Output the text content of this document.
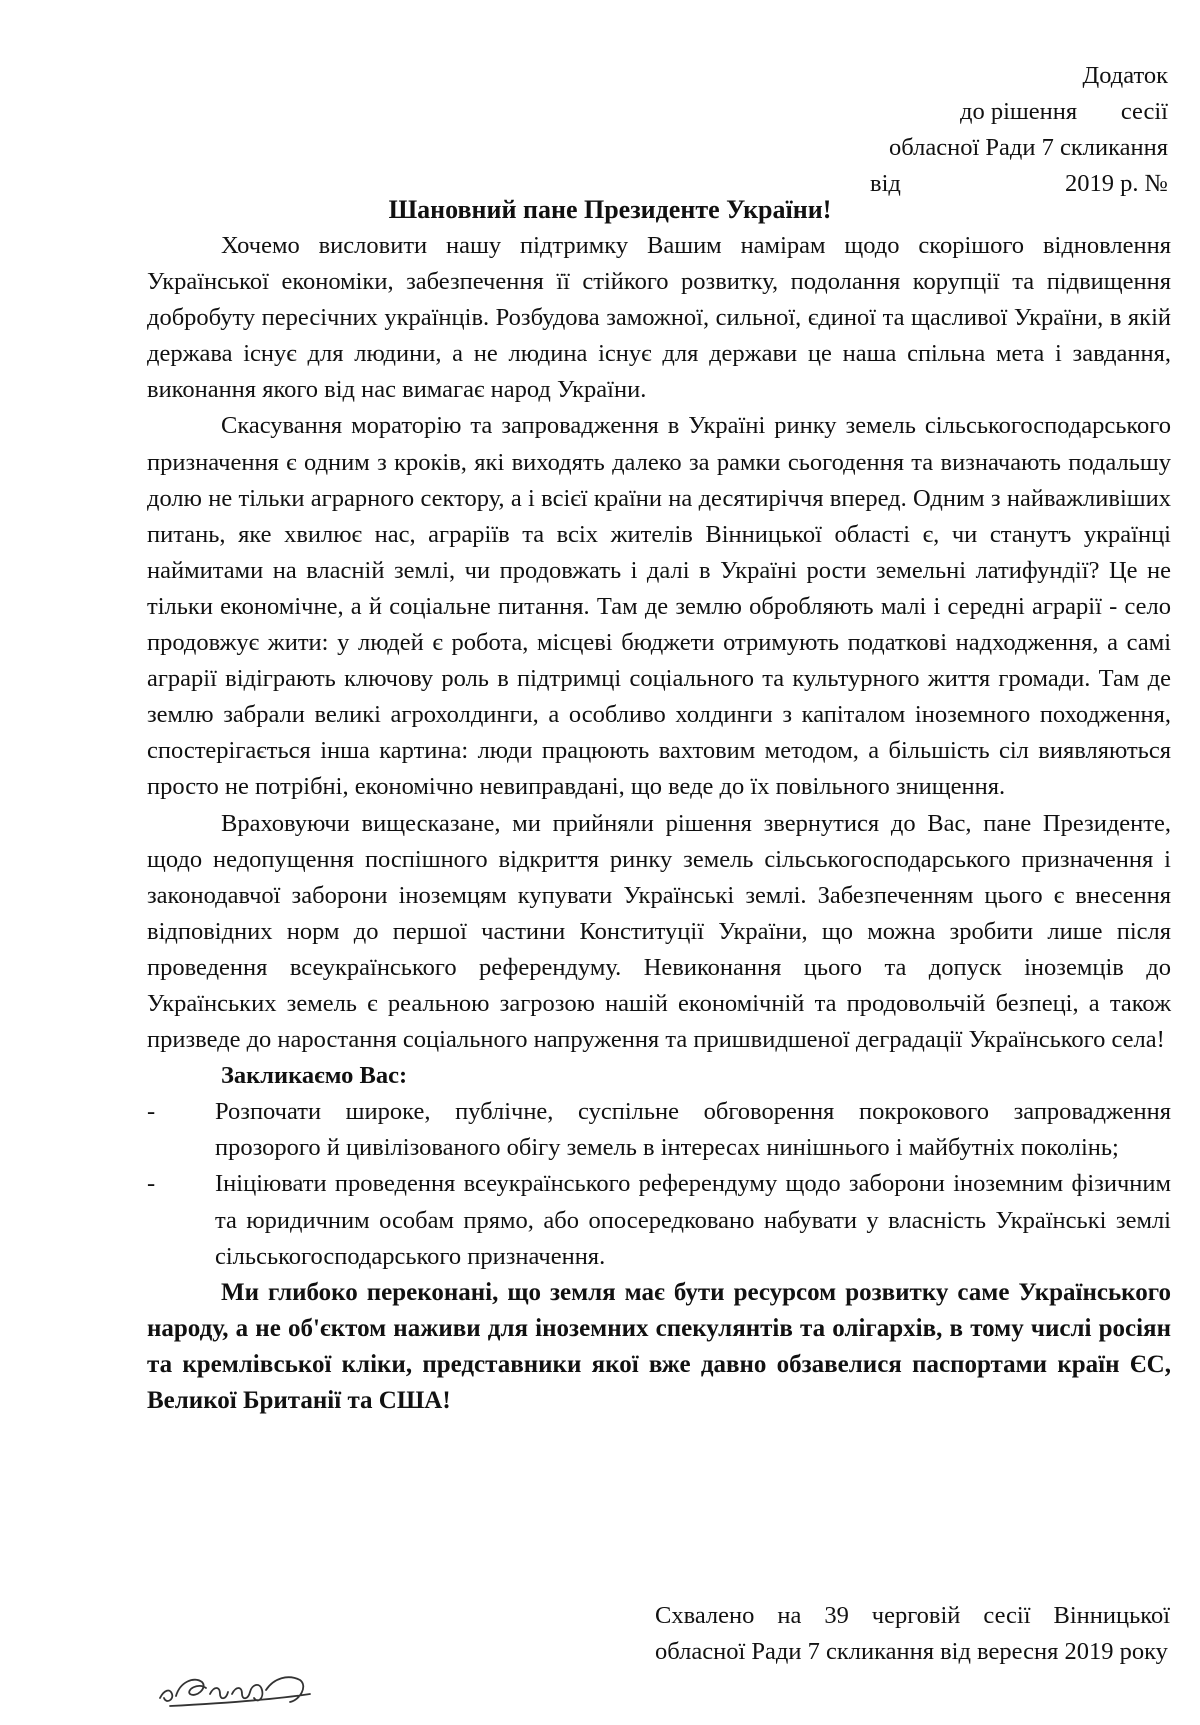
Додаток
до рішення сесії
обласної Ради 7 скликання
від	2019 р. №
Шановний пане Президенте України!

Хочемо висловити нашу підтримку Вашим намірам щодо скорішого відновлення Української економіки, забезпечення її стійкого розвитку, подолання корупції та підвищення добробуту пересічних українців. Розбудова заможної, сильної, єдиної та щасливої України, в якій держава існує для людини, а не людина існує для держави це наша спільна мета і завдання, виконання якого від нас вимагає народ України.

Скасування мораторію та запровадження в Україні ринку земель сільськогосподарського призначення є одним з кроків, які виходять далеко за рамки сьогодення та визначають подальшу долю не тільки аграрного сектору, а і всієї країни на десятиріччя вперед. Одним з найважливіших питань, яке хвилює нас, аграріїв та всіх жителів Вінницької області є, чи станутъ українці наймитами на власній землі, чи продовжать і далі в Україні рости земельні латифундії? Це не тільки економічне, а й соціальне питання. Там де землю обробляють малі і середні аграрії - село продовжує жити: у людей є робота, місцеві бюджети отримують податкові надходження, а самі аграрії відіграють ключову роль в підтримці соціального та культурного життя громади. Там де землю забрали великі агрохолдинги, а особливо холдинги з капіталом іноземного походження, спостерігається інша картина: люди працюють вахтовим методом, а більшість сіл виявляються просто не потрібні, економічно невиправдані, що веде до їх повільного знищення.

Враховуючи вищесказане, ми прийняли рішення звернутися до Вас, пане Президенте, щодо недопущення поспішного відкриття ринку земель сільськогосподарського призначення і законодавчої заборони іноземцям купувати Українські землі. Забезпеченням цього є внесення відповідних норм до першої частини Конституції України, що можна зробити лише після проведення всеукраїнського референдуму. Невиконання цього та допуск іноземців до Українських земель є реальною загрозою нашій економічній та продовольчій безпеці, а також призведе до наростання соціального напруження та пришвидшеної деградації Українського села!

Закликаємо Вас:

-	Розпочати широке, публічне, суспільне обговорення покрокового запровадження прозорого й цивілізованого обігу земель в інтересах нинішнього і майбутніх поколінь;
-	Ініціювати проведення всеукраїнського референдуму щодо заборони іноземним фізичним та юридичним особам прямо, або опосередковано набувати у власність Українські землі сільськогосподарського призначення.

Ми глибоко переконані, що земля має бути ресурсом розвитку саме Українського народу, а не об'єктом наживи для іноземних спекулянтів та олігархів, в тому числі росіян та кремлівської кліки, представники якої вже давно обзавелися паспортами країн ЄС, Великої Британії та США!

Схвалено на 39 черговій сесії Вінницької обласної Ради 7 скликання від вересня 2019 року
